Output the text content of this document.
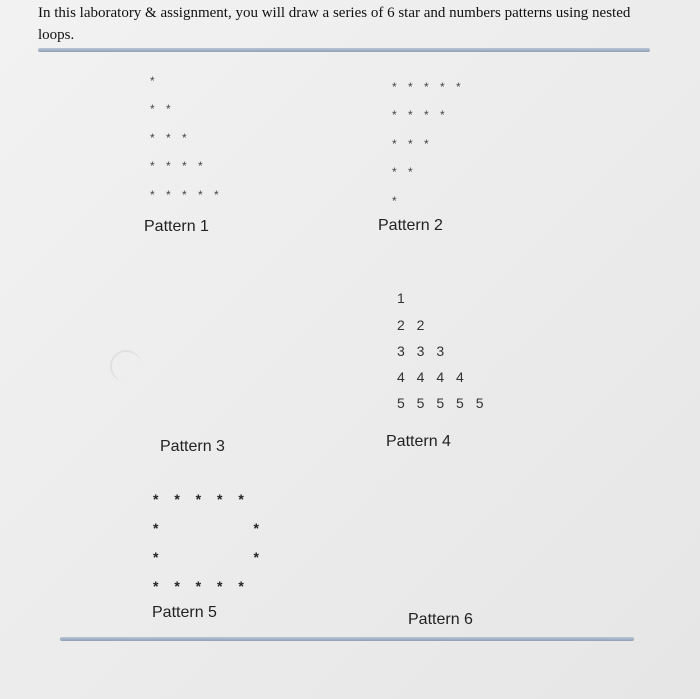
In this laboratory & assignment, you will draw a series of 6 star and numbers patterns using nested loops.
*
* *
* * *
* * * *
* * * * *
Pattern 1
* * * * *
* * * *
* * *
* *
*
Pattern 2
Pattern 3
1
2 2
3 3 3
4 4 4 4
5 5 5 5 5
Pattern 4
* * * * *
*         *
*         *
* * * * *
Pattern 5	Pattern 6
